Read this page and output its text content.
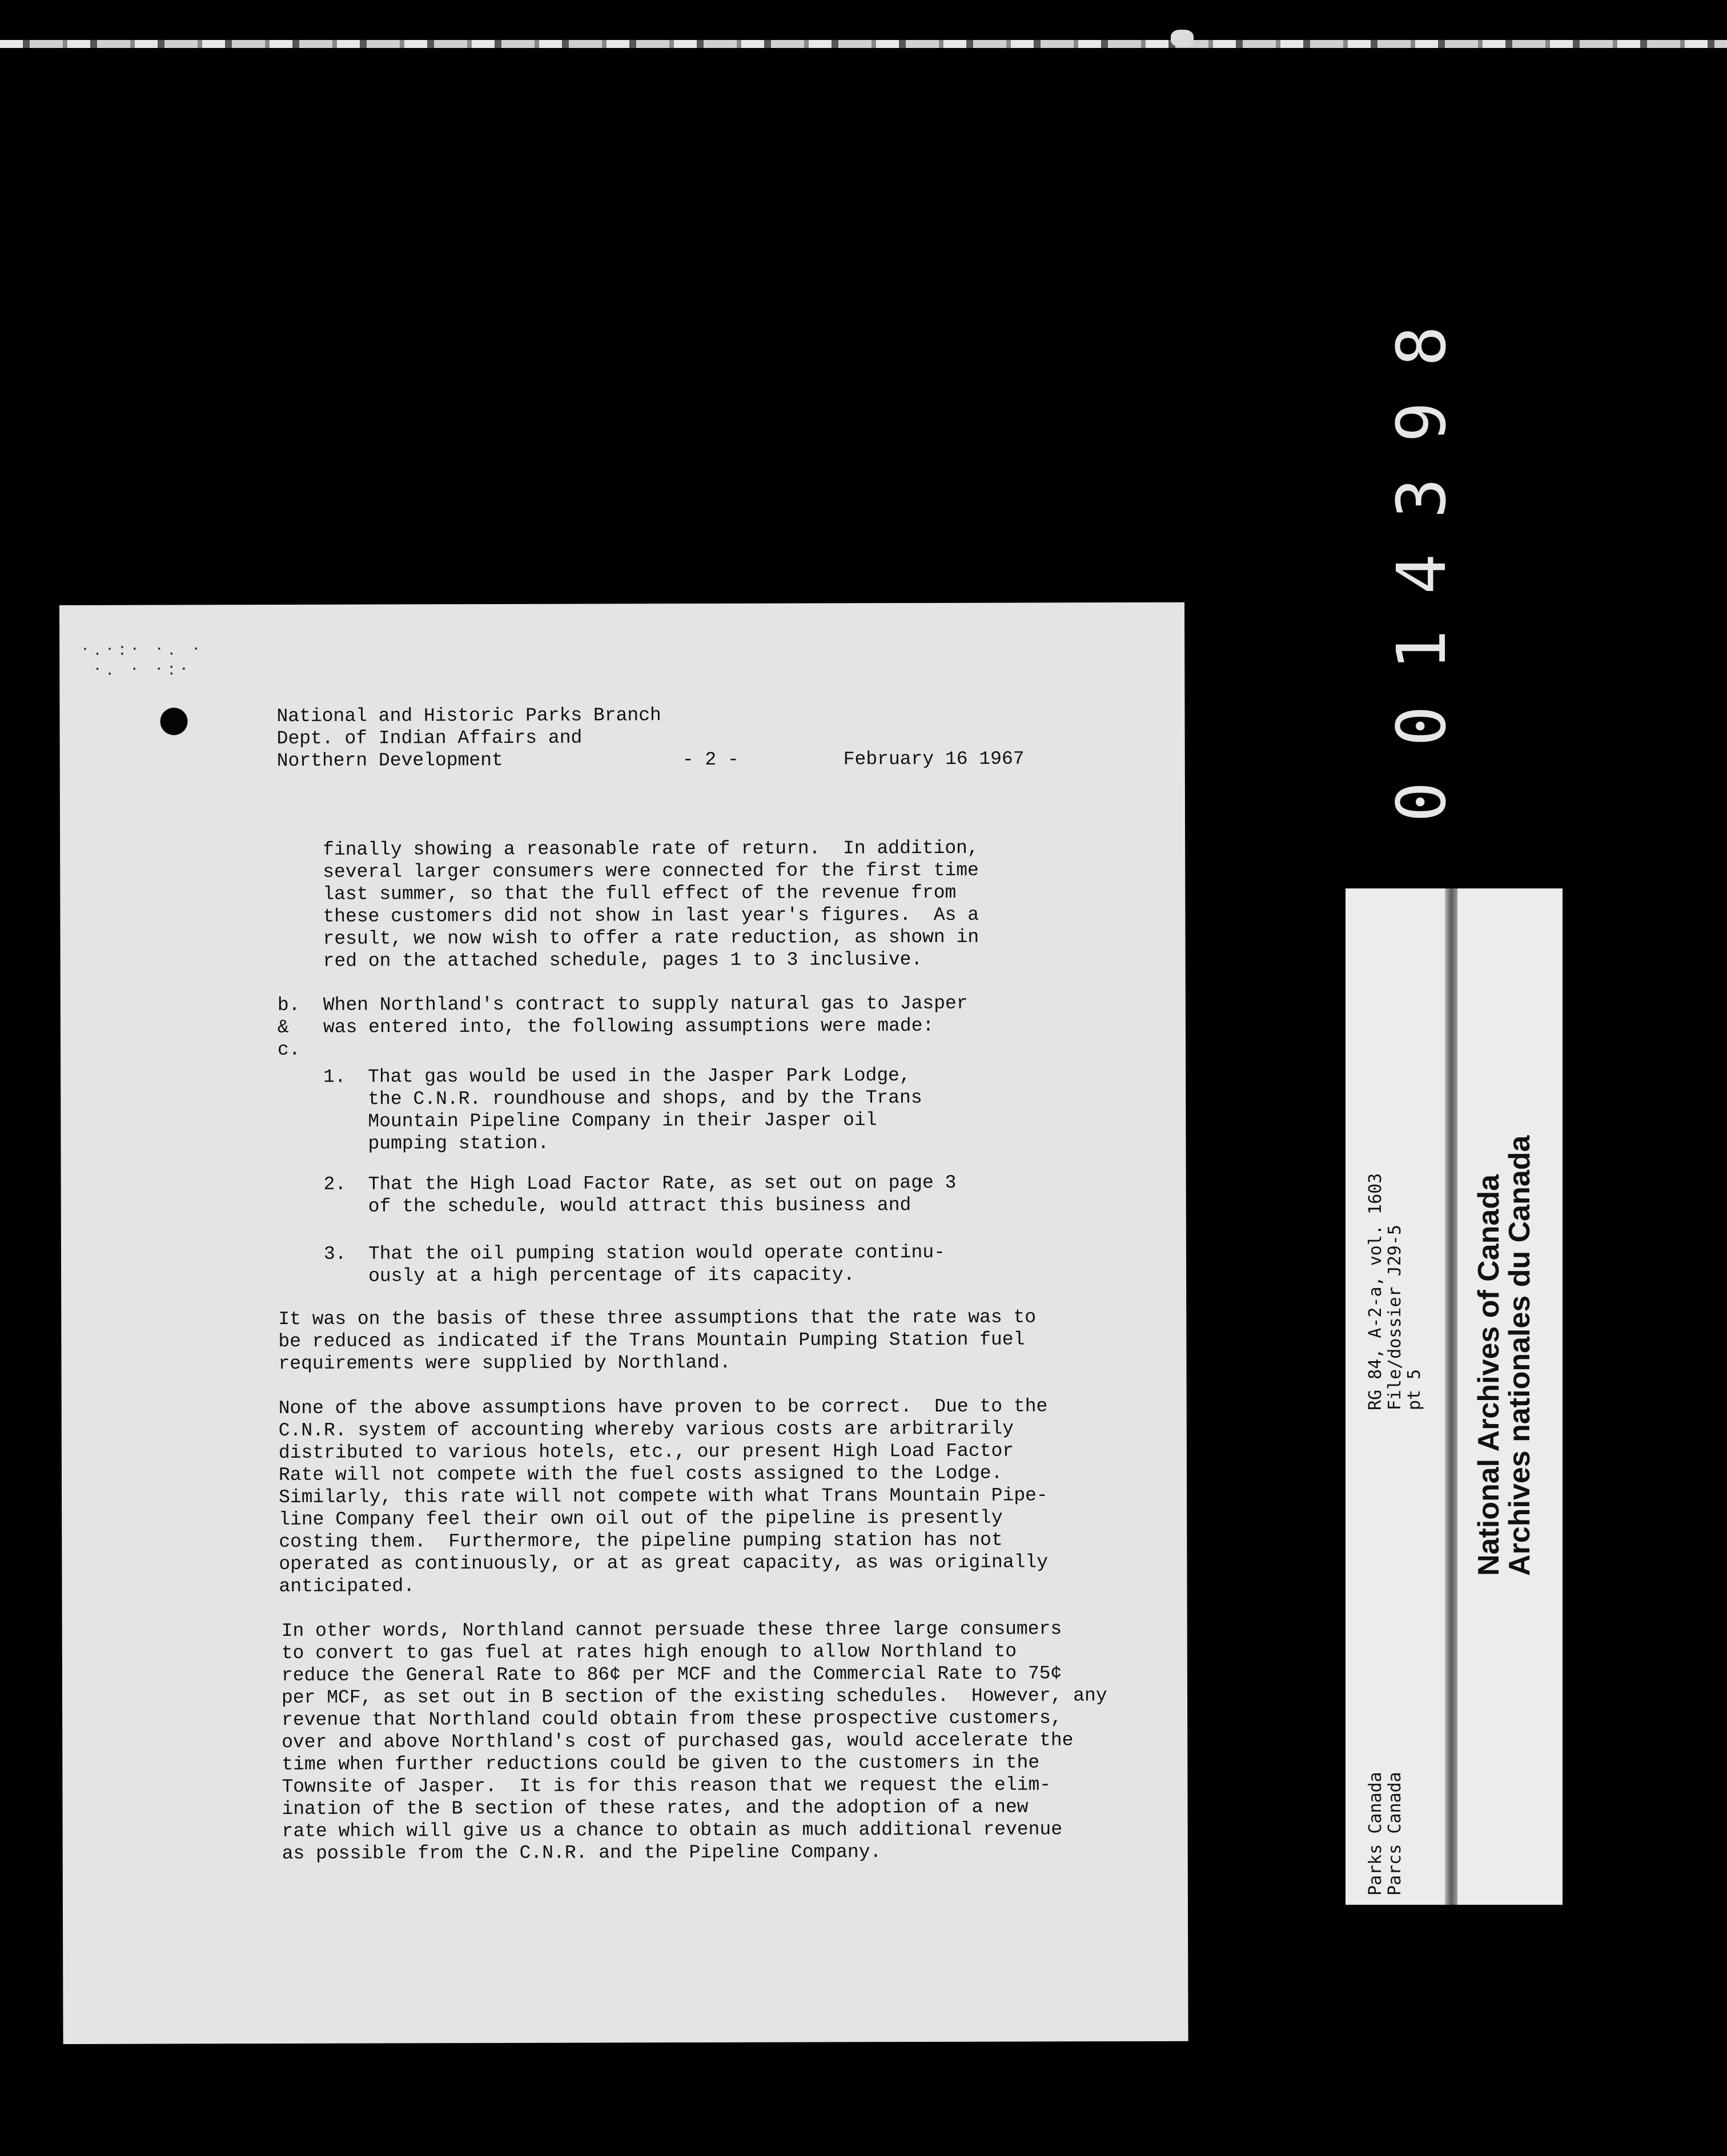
·.·:· ·. ·
·. · ·:·
National and Historic Parks Branch
Dept. of Indian Affairs and
Northern Development	- 2 -	February 16 1967
finally showing a reasonable rate of return.  In addition,
several larger consumers were connected for the first time
last summer, so that the full effect of the revenue from
these customers did not show in last year's figures.  As a
result, we now wish to offer a rate reduction, as shown in
red on the attached schedule, pages 1 to 3 inclusive.
b.
&
c.
When Northland's contract to supply natural gas to Jasper
was entered into, the following assumptions were made:
1. That gas would be used in the Jasper Park Lodge,
the C.N.R. roundhouse and shops, and by the Trans
Mountain Pipeline Company in their Jasper oil
pumping station.
2. That the High Load Factor Rate, as set out on page 3
of the schedule, would attract this business and
3. That the oil pumping station would operate continu-
ously at a high percentage of its capacity.
It was on the basis of these three assumptions that the rate was to
be reduced as indicated if the Trans Mountain Pumping Station fuel
requirements were supplied by Northland.
None of the above assumptions have proven to be correct.  Due to the
C.N.R. system of accounting whereby various costs are arbitrarily
distributed to various hotels, etc., our present High Load Factor
Rate will not compete with the fuel costs assigned to the Lodge.
Similarly, this rate will not compete with what Trans Mountain Pipe-
line Company feel their own oil out of the pipeline is presently
costing them.  Furthermore, the pipeline pumping station has not
operated as continuously, or at as great capacity, as was originally
anticipated.
In other words, Northland cannot persuade these three large consumers
to convert to gas fuel at rates high enough to allow Northland to
reduce the General Rate to 86¢ per MCF and the Commercial Rate to 75¢
per MCF, as set out in B section of the existing schedules.  However, any
revenue that Northland could obtain from these prospective customers,
over and above Northland's cost of purchased gas, would accelerate the
time when further reductions could be given to the customers in the
Townsite of Jasper.  It is for this reason that we request the elim-
ination of the B section of these rates, and the adoption of a new
rate which will give us a chance to obtain as much additional revenue
as possible from the C.N.R. and the Pipeline Company.
RG 84, A-2-a, vol. 1603
File/dossier J29-5
pt 5
Parks Canada
Parcs Canada
National Archives of Canada
Archives nationales du Canada
0014398
